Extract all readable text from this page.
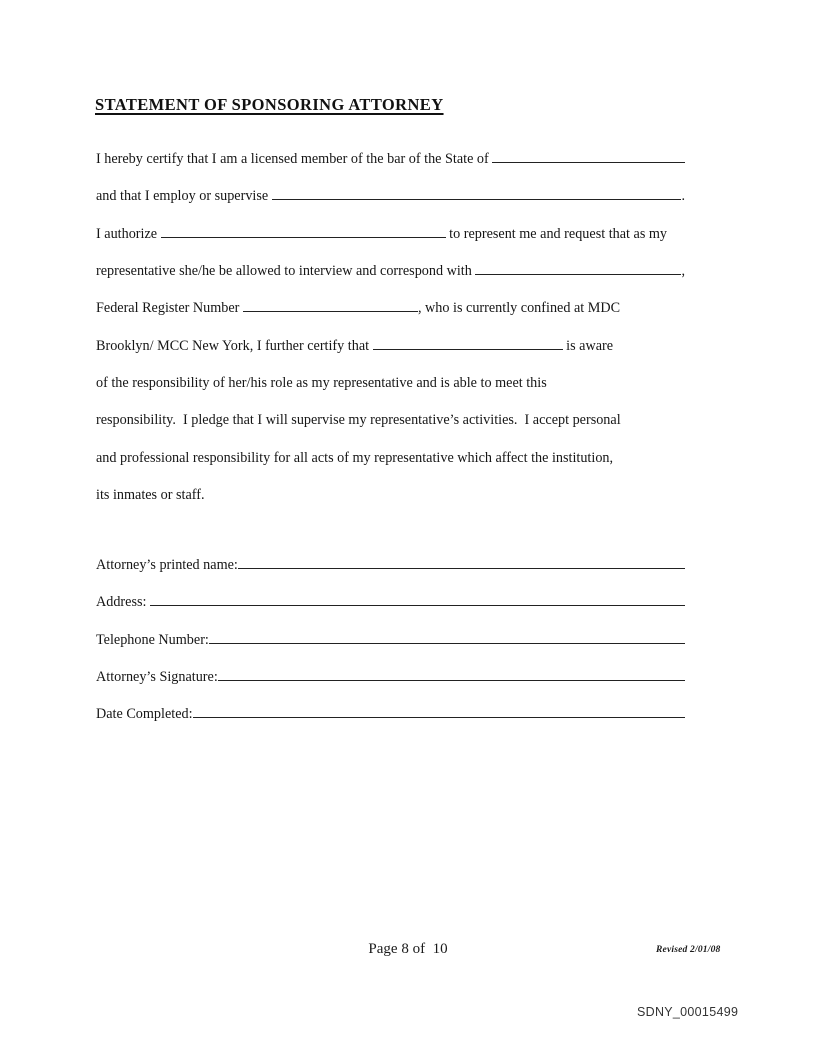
STATEMENT OF SPONSORING ATTORNEY
I hereby certify that I am a licensed member of the bar of the State of
and that I employ or supervise	.
I authorize	to represent me and request that as my
representative she/he be allowed to interview and correspond with	,
Federal Register Number	, who is currently confined at MDC
Brooklyn/ MCC New York, I further certify that	is aware
of the responsibility of her/his role as my representative and is able to meet this
responsibility.  I pledge that I will supervise my representative’s activities.  I accept personal
and professional responsibility for all acts of my representative which affect the institution,
its inmates or staff.
Attorney’s printed name:
Address:
Telephone Number:
Attorney’s Signature:
Date Completed:
Page 8 of  10	Revised 2/01/08
SDNY_00015499
